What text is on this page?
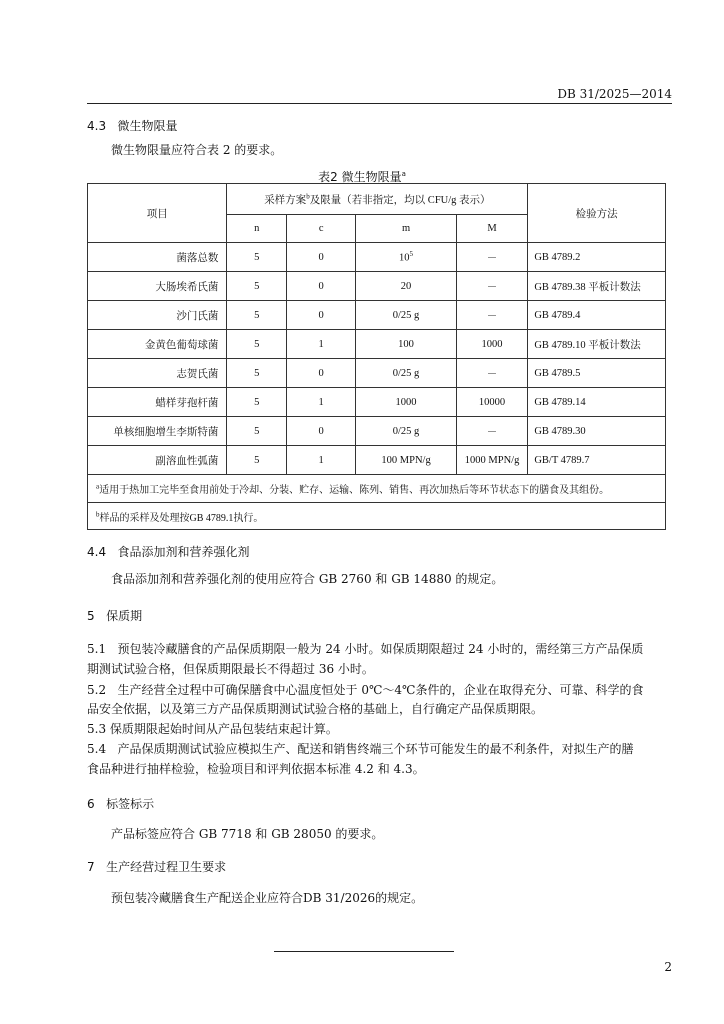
DB 31/2025—2014
4.3 微生物限量
微生物限量应符合表 2 的要求。
表2 微生物限量$^a$
项目	采样方案$^b$及限量（若非指定，均以 CFU/g 表示）				检验方法
	n	c	m	M	
菌落总数	5	0	$10^5$	－	GB 4789.2
大肠埃希氏菌	5	0	20	－	GB 4789.38 平板计数法
沙门氏菌	5	0	0/25 g	－	GB 4789.4
金黄色葡萄球菌	5	1	100	1000	GB 4789.10 平板计数法
志贺氏菌	5	0	0/25 g	－	GB 4789.5
蜡样芽孢杆菌	5	1	1000	10000	GB 4789.14
单核细胞增生李斯特菌	5	0	0/25 g	－	GB 4789.30
副溶血性弧菌	5	1	100 MPN/g	1000 MPN/g	GB/T 4789.7
$^a$适用于热加工完毕至食用前处于冷却、分装、贮存、运输、陈列、销售、再次加热后等环节状态下的膳食及其组份。					
$^b$样品的采样及处理按GB 4789.1执行。					
4.4 食品添加剂和营养强化剂
食品添加剂和营养强化剂的使用应符合 GB 2760 和 GB 14880 的规定。
5 保质期
5.1 预包装冷藏膳食的产品保质期限一般为 24 小时。如保质期限超过 24 小时的，需经第三方产品保质
期测试试验合格，但保质期限最长不得超过 36 小时。
5.2 生产经营全过程中可确保膳食中心温度恒处于 0℃～4℃条件的，企业在取得充分、可靠、科学的食
品安全依据，以及第三方产品保质期测试试验合格的基础上，自行确定产品保质期限。
5.3 保质期限起始时间从产品包装结束起计算。
5.4 产品保质期测试试验应模拟生产、配送和销售终端三个环节可能发生的最不利条件，对拟生产的膳
食品种进行抽样检验，检验项目和评判依据本标准 4.2 和 4.3。
6 标签标示
产品标签应符合 GB 7718 和 GB 28050 的要求。
7 生产经营过程卫生要求
预包装冷藏膳食生产配送企业应符合DB 31/2026的规定。
2
